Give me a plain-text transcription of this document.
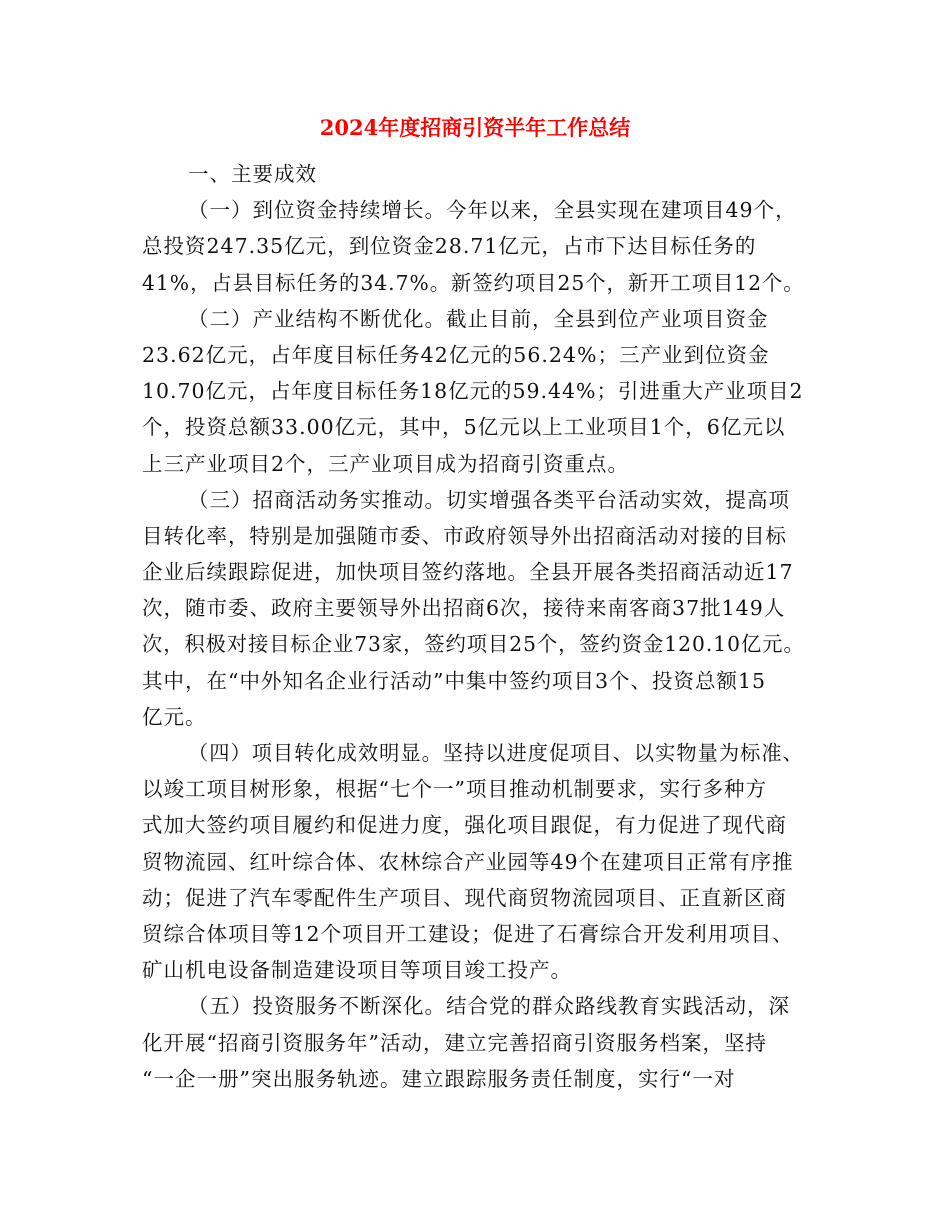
2024年度招商引资半年工作总结
一、主要成效
（一）到位资金持续增长。今年以来，全县实现在建项目49个，
总投资247.35亿元，到位资金28.71亿元，占市下达目标任务的
41%，占县目标任务的34.7%。新签约项目25个，新开工项目12个。
（二）产业结构不断优化。截止目前，全县到位产业项目资金
23.62亿元，占年度目标任务42亿元的56.24%；三产业到位资金
10.70亿元，占年度目标任务18亿元的59.44%；引进重大产业项目2
个，投资总额33.00亿元，其中，5亿元以上工业项目1个，6亿元以
上三产业项目2个，三产业项目成为招商引资重点。
（三）招商活动务实推动。切实增强各类平台活动实效，提高项
目转化率，特别是加强随市委、市政府领导外出招商活动对接的目标
企业后续跟踪促进，加快项目签约落地。全县开展各类招商活动近17
次，随市委、政府主要领导外出招商6次，接待来南客商37批149人
次，积极对接目标企业73家，签约项目25个，签约资金120.10亿元。
其中，在“中外知名企业行活动”中集中签约项目3个、投资总额15
亿元。
（四）项目转化成效明显。坚持以进度促项目、以实物量为标准、
以竣工项目树形象，根据“七个一”项目推动机制要求，实行多种方
式加大签约项目履约和促进力度，强化项目跟促，有力促进了现代商
贸物流园、红叶综合体、农林综合产业园等49个在建项目正常有序推
动；促进了汽车零配件生产项目、现代商贸物流园项目、正直新区商
贸综合体项目等12个项目开工建设；促进了石膏综合开发利用项目、
矿山机电设备制造建设项目等项目竣工投产。
（五）投资服务不断深化。结合党的群众路线教育实践活动，深
化开展“招商引资服务年”活动，建立完善招商引资服务档案，坚持
“一企一册”突出服务轨迹。建立跟踪服务责任制度，实行“一对
